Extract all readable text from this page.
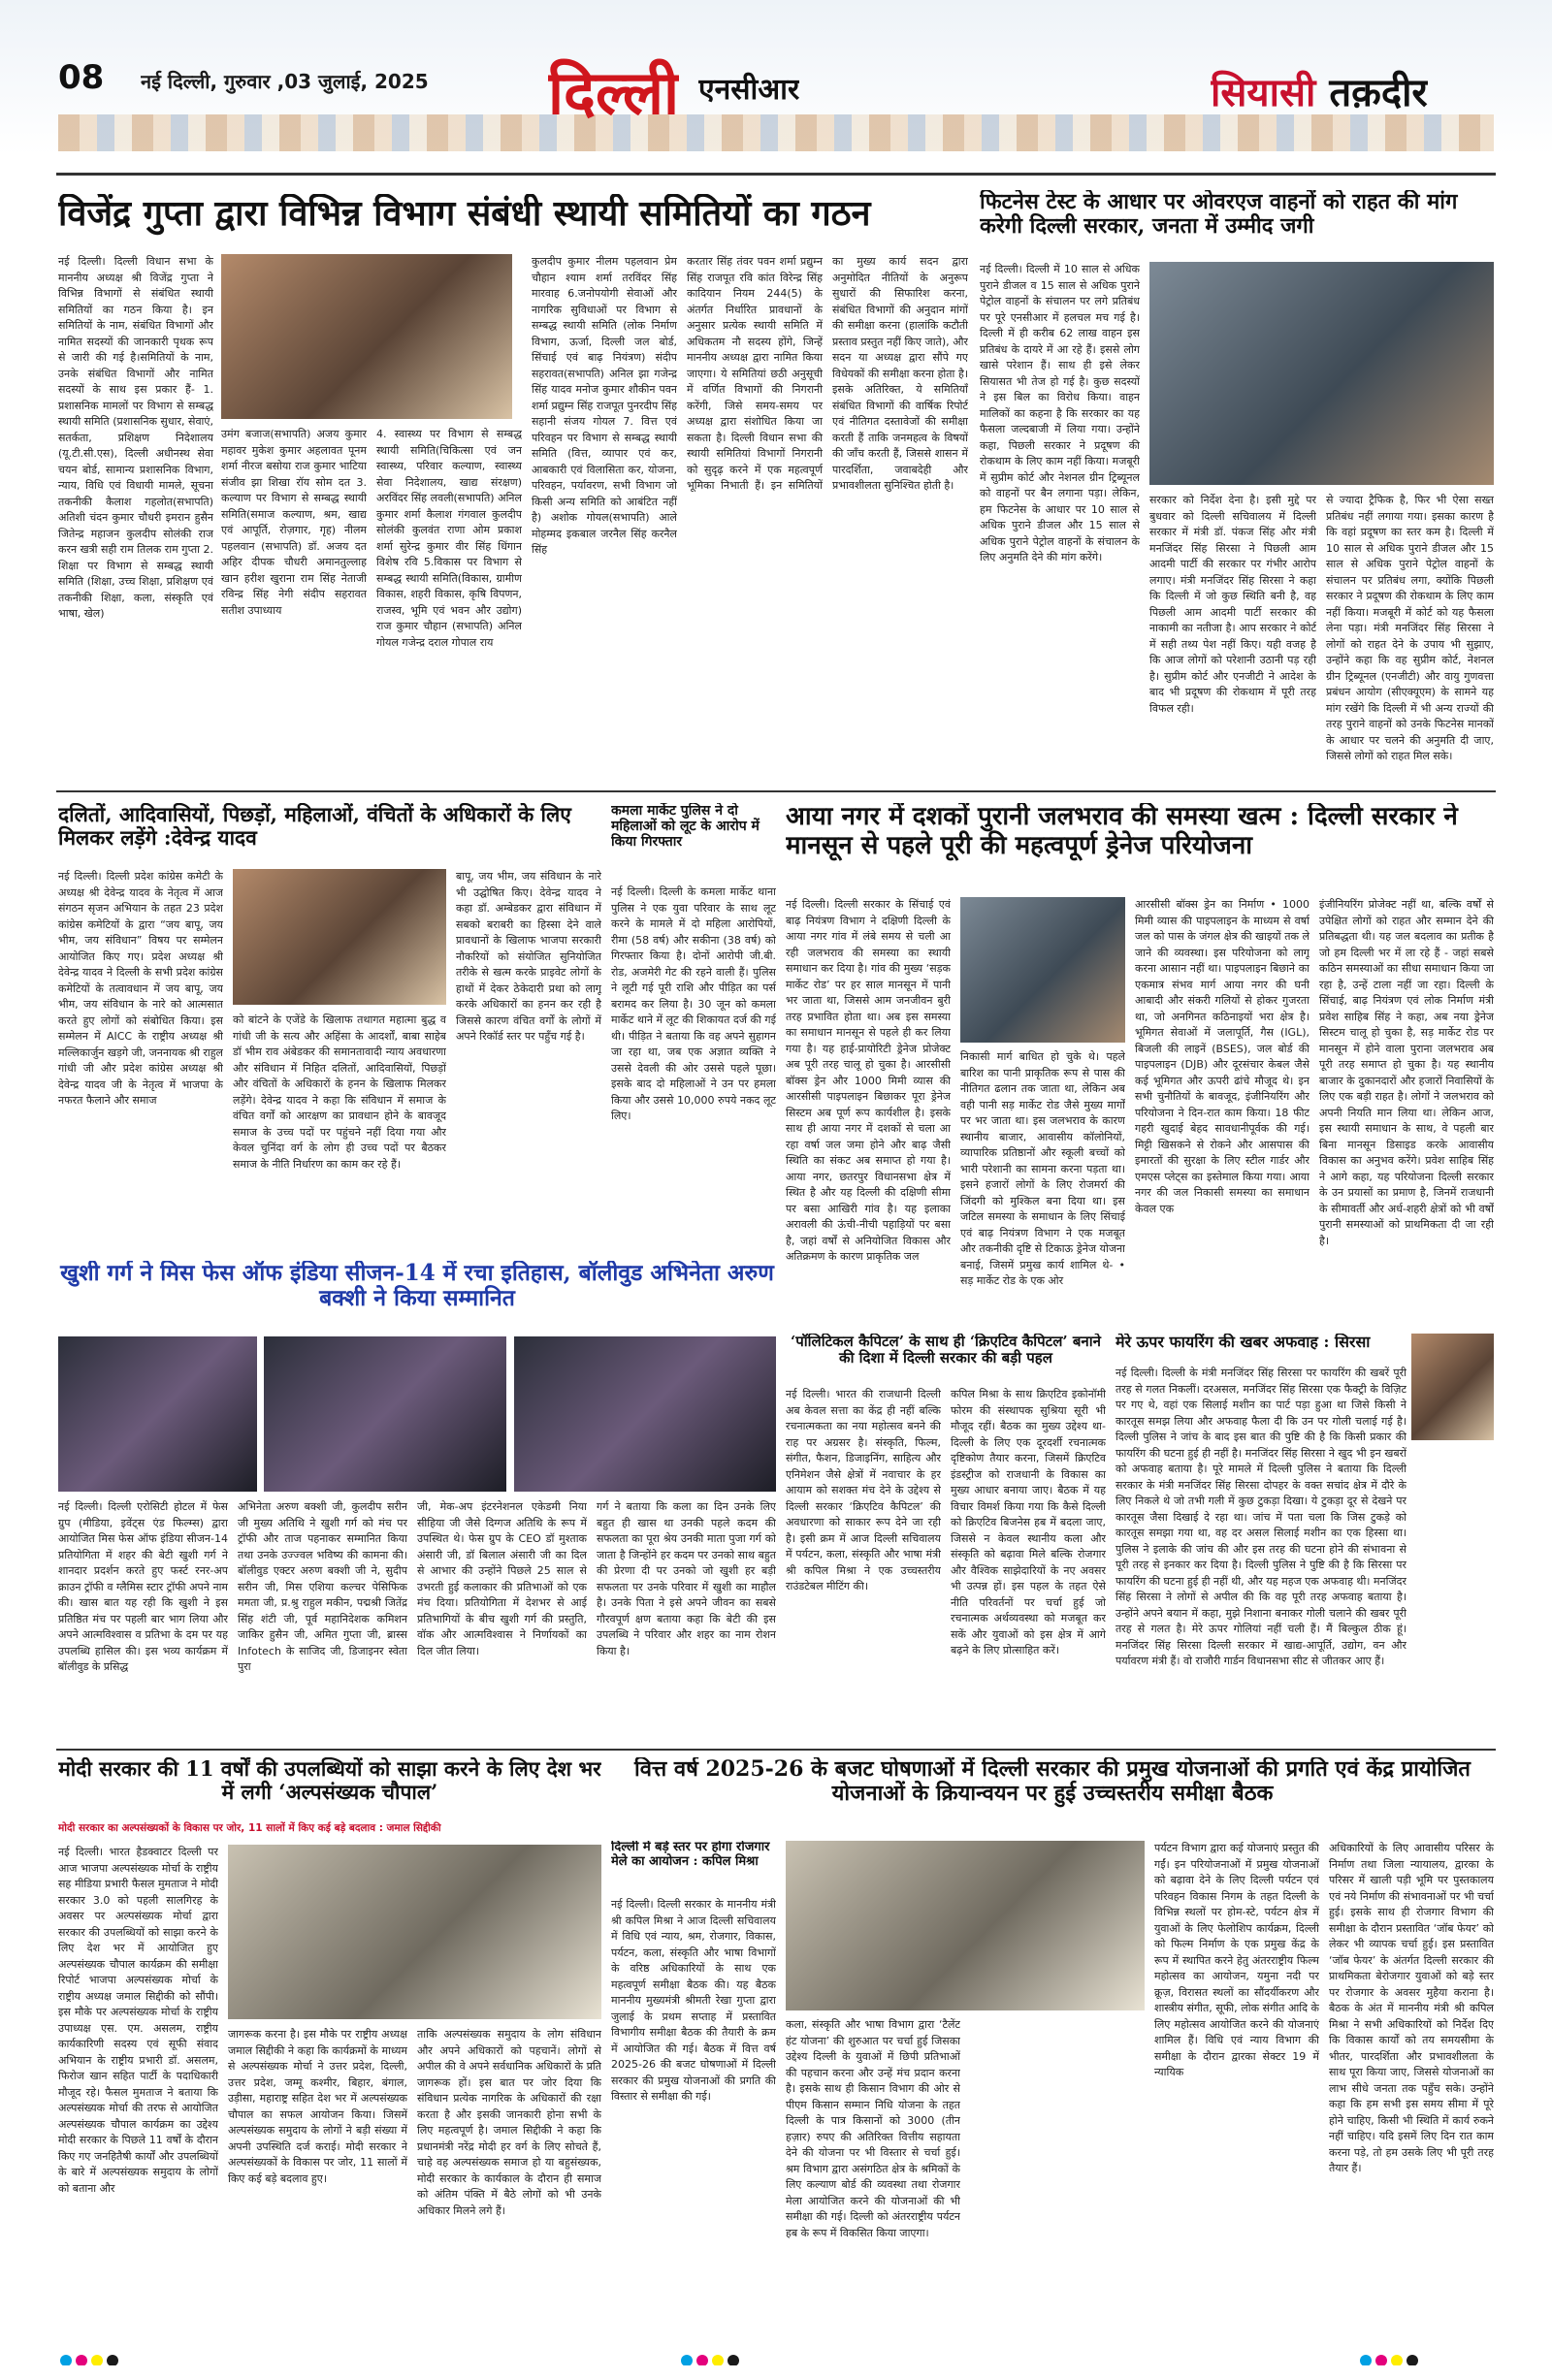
08 नई दिल्ली, गुरुवार ,03 जुलाई, 2025 दिल्ली एनसीआर	सियासी तक़दीर
विजेंद्र गुप्ता द्वारा विभिन्न विभाग संबंधी स्थायी समितियों का गठन
नई दिल्ली। दिल्ली विधान सभा के माननीय अध्यक्ष श्री विजेंद्र गुप्ता ने विभिन्न विभागों से संबंधित स्थायी समितियों का गठन किया है। इन समितियों के नाम, संबंधित विभागों और नामित सदस्यों की जानकारी पृथक रूप से जारी की गई है।समितियों के नाम, उनके संबंधित विभागों और नामित सदस्यों के साथ इस प्रकार हैं- 1. प्रशासनिक मामलों पर विभाग से सम्बद्ध स्थायी समिति (प्रशासनिक सुधार, सेवाएं, सतर्कता, प्रशिक्षण निदेशालय (यू.टी.सी.एस), दिल्ली अधीनस्थ सेवा चयन बोर्ड, सामान्य प्रशासनिक विभाग, न्याय, विधि एवं विधायी मामले, सूचना तकनीकी कैलाश गहलोत(सभापति) अतिशी चंदन कुमार चौधरी इमरान हुसैन जितेन्द्र महाजन कुलदीप सोलंकी राज करन खत्री सही राम तिलक राम गुप्ता 2. शिक्षा पर विभाग से सम्बद्ध स्थायी समिति (शिक्षा, उच्च शिक्षा, प्रशिक्षण एवं तकनीकी शिक्षा, कला, संस्कृति एवं भाषा, खेल)
उमंग बजाज(सभापति) अजय कुमार महावर मुकेश कुमार अहलावत पूनम शर्मा नीरज बसोया राज कुमार भाटिया संजीव झा शिखा रॉय सोम दत 3. कल्याण पर विभाग से सम्बद्ध स्थायी समिति(समाज कल्याण, श्रम, खाद्य एवं आपूर्ति, रोज़गार, गृह) नीलम पहलवान (सभापति) डॉ. अजय दत अहिर दीपक चौधरी अमानतुल्लाह खान हरीश खुराना राम सिंह नेताजी रविन्द्र सिंह नेगी संदीप सहरावत सतीश उपाध्याय
4. स्वास्थ्य पर विभाग से सम्बद्ध स्थायी समिति(चिकित्सा एवं जन स्वास्थ्य, परिवार कल्याण, स्वास्थ्य सेवा निदेशालय, खाद्य संरक्षण) अरविंदर सिंह लवली(सभापति) अनिल कुमार शर्मा कैलाश गंगवाल कुलदीप सोलंकी कुलवंत राणा ओम प्रकाश शर्मा सुरेन्द्र कुमार वीर सिंह धिंगान विशेष रवि 5.विकास पर विभाग से सम्बद्ध स्थायी समिति(विकास, ग्रामीण विकास, शहरी विकास, कृषि विपणन, राजस्व, भूमि एवं भवन और उद्योग) राज कुमार चौहान (सभापति) अनिल गोयल गजेन्द्र दराल गोपाल राय
कुलदीप कुमार नीलम पहलवान प्रेम चौहान श्याम शर्मा तरविंदर सिंह मारवाह 6.जनोपयोगी सेवाओं और नागरिक सुविधाओं पर विभाग से सम्बद्ध स्थायी समिति (लोक निर्माण विभाग, ऊर्जा, दिल्ली जल बोर्ड, सिंचाई एवं बाढ़ नियंत्रण) संदीप सहरावत(सभापति) अनिल झा गजेन्द्र सिंह यादव मनोज कुमार शौकीन पवन शर्मा प्रद्युम्न सिंह राजपूत पुनरदीप सिंह सहानी संजय गोयल 7. वित्त एवं परिवहन पर विभाग से सम्बद्ध स्थायी समिति (वित्त, व्यापार एवं कर, आबकारी एवं विलासिता कर, योजना, परिवहन, पर्यावरण, सभी विभाग जो किसी अन्य समिति को आबंटित नहीं है) अशोक गोयल(सभापति) आले मोहम्मद इकबाल जरनैल सिंह करनैल सिंह
करतार सिंह तंवर पवन शर्मा प्रद्युम्न सिंह राजपूत रवि कांत विरेन्द्र सिंह कादियान नियम 244(5) के अंतर्गत निर्धारित प्रावधानों के अनुसार प्रत्येक स्थायी समिति में अधिकतम नौ सदस्य होंगे, जिन्हें माननीय अध्यक्ष द्वारा नामित किया जाएगा। ये समितियां छठी अनुसूची में वर्णित विभागों की निगरानी करेंगी, जिसे समय-समय पर अध्यक्ष द्वारा संशोधित किया जा सकता है। दिल्ली विधान सभा की स्थायी समितियां विभागों निगरानी को सुदृढ़ करने में एक महत्वपूर्ण भूमिका निभाती हैं। इन समितियों का मुख्य कार्य सदन द्वारा अनुमोदित नीतियों के अनुरूप सुधारों की सिफारिश करना, संबंधित विभागों की अनुदान मांगों की समीक्षा करना (हालांकि कटौती प्रस्ताव प्रस्तुत नहीं किए जाते), और सदन या अध्यक्ष द्वारा सौंपे गए विधेयकों की समीक्षा करना होता है। इसके अतिरिक्त, ये समितियाँ संबंधित विभागों की वार्षिक रिपोर्ट एवं नीतिगत दस्तावेजों की समीक्षा करती हैं ताकि जनमहत्व के विषयों की जाँच करती हैं, जिससे शासन में पारदर्शिता, जवाबदेही और प्रभावशीलता सुनिश्चित होती है।
फिटनेस टेस्ट के आधार पर ओवरएज वाहनों को राहत की मांग करेगी दिल्ली सरकार, जनता में उम्मीद जगी
नई दिल्ली। दिल्ली में 10 साल से अधिक पुराने डीजल व 15 साल से अधिक पुराने पेट्रोल वाहनों के संचालन पर लगे प्रतिबंध पर पूरे एनसीआर में हलचल मच गई है। दिल्ली में ही करीब 62 लाख वाहन इस प्रतिबंध के दायरे में आ रहे हैं। इससे लोग खासे परेशान हैं। साथ ही इसे लेकर सियासत भी तेज हो गई है। कुछ सदस्यों ने इस बिल का विरोध किया। वाहन मालिकों का कहना है कि सरकार का यह फैसला जल्दबाजी में लिया गया। उन्होंने कहा, पिछली सरकार ने प्रदूषण की रोकथाम के लिए काम नहीं किया। मजबूरी में सुप्रीम कोर्ट और नेशनल ग्रीन ट्रिब्यूनल को वाहनों पर बैन लगाना पड़ा। लेकिन, हम फिटनेस के आधार पर 10 साल से अधिक पुराने डीजल और 15 साल से अधिक पुराने पेट्रोल वाहनों के संचालन के लिए अनुमति देने की मांग करेंगे।
सरकार को निर्देश देना है। इसी मुद्दे पर बुधवार को दिल्ली सचिवालय में दिल्ली सरकार में मंत्री डॉ. पंकज सिंह और मंत्री मनजिंदर सिंह सिरसा ने पिछली आम आदमी पार्टी की सरकार पर गंभीर आरोप लगाए। मंत्री मनजिंदर सिंह सिरसा ने कहा कि दिल्ली में जो कुछ स्थिति बनी है, वह पिछली आम आदमी पार्टी सरकार की नाकामी का नतीजा है। आप सरकार ने कोर्ट में सही तथ्य पेश नहीं किए। यही वजह है कि आज लोगों को परेशानी उठानी पड़ रही है। सुप्रीम कोर्ट और एनजीटी ने आदेश के बाद भी प्रदूषण की रोकथाम में पूरी तरह विफल रही।
से ज्यादा ट्रैफिक है, फिर भी ऐसा सख्त प्रतिबंध नहीं लगाया गया। इसका कारण है कि वहां प्रदूषण का स्तर कम है। दिल्ली में 10 साल से अधिक पुराने डीजल और 15 साल से अधिक पुराने पेट्रोल वाहनों के संचालन पर प्रतिबंध लगा, क्योंकि पिछली सरकार ने प्रदूषण की रोकथाम के लिए काम नहीं किया। मजबूरी में कोर्ट को यह फैसला लेना पड़ा। मंत्री मनजिंदर सिंह सिरसा ने लोगों को राहत देने के उपाय भी सुझाए, उन्होंने कहा कि वह सुप्रीम कोर्ट, नेशनल ग्रीन ट्रिब्यूनल (एनजीटी) और वायु गुणवत्ता प्रबंधन आयोग (सीएक्यूएम) के सामने यह मांग रखेंगे कि दिल्ली में भी अन्य राज्यों की तरह पुराने वाहनों को उनके फिटनेस मानकों के आधार पर चलने की अनुमति दी जाए, जिससे लोगों को राहत मिल सके।
दलितों, आदिवासियों, पिछड़ों, महिलाओं, वंचितों के अधिकारों के लिए मिलकर लड़ेंगे :देवेन्द्र यादव
नई दिल्ली। दिल्ली प्रदेश कांग्रेस कमेटी के अध्यक्ष श्री देवेन्द्र यादव के नेतृत्व में आज संगठन सृजन अभियान के तहत 23 प्रदेश कांग्रेस कमेटियों के द्वारा “जय बापू, जय भीम, जय संविधान” विषय पर सम्मेलन आयोजित किए गए। प्रदेश अध्यक्ष श्री देवेन्द्र यादव ने दिल्ली के सभी प्रदेश कांग्रेस कमेटियों के तत्वावधान में जय बापू, जय भीम, जय संविधान के नारे को आत्मसात करते हुए लोगों को संबोधित किया। इस सम्मेलन में AICC के राष्ट्रीय अध्यक्ष श्री मल्लिकार्जुन खड़गे जी, जननायक श्री राहुल गांधी जी और प्रदेश कांग्रेस अध्यक्ष श्री देवेन्द्र यादव जी के नेतृत्व में भाजपा के नफरत फैलाने और समाज
को बांटने के एजेंडे के खिलाफ तथागत महात्मा बुद्ध व गांधी जी के सत्य और अहिंसा के आदर्शों, बाबा साहेब डॉ भीम राव अंबेडकर की समानतावादी न्याय अवधारणा और संविधान में निहित दलितों, आदिवासियों, पिछड़ों और वंचितों के अधिकारों के हनन के खिलाफ मिलकर लड़ेंगे। देवेन्द्र यादव ने कहा कि संविधान में समाज के वंचित वर्गों को आरक्षण का प्रावधान होने के बावजूद समाज के उच्च पदों पर पहुंचने नहीं दिया गया और केवल चुनिंदा वर्ग के लोग ही उच्च पदों पर बैठकर समाज के नीति निर्धारण का काम कर रहे हैं।
बापू, जय भीम, जय संविधान के नारे भी उद्घोषित किए। देवेन्द्र यादव ने कहा डॉ. अम्बेडकर द्वारा संविधान में सबको बराबरी का हिस्सा देने वाले प्रावधानों के खिलाफ भाजपा सरकारी नौकरियों को संयोजित सुनियोजित तरीके से खत्म करके प्राइवेट लोगों के हाथों में देकर ठेकेदारी प्रथा को लागू करके अधिकारों का हनन कर रही है जिससे कारण वंचित वर्गों के लोगों में अपने रिकॉर्ड स्तर पर पहुँच गई है।
कमला मार्केट पुलिस ने दो महिलाओं को लूट के आरोप में किया गिरफ्तार
नई दिल्ली। दिल्ली के कमला मार्केट थाना पुलिस ने एक युवा परिवार के साथ लूट करने के मामले में दो महिला आरोपियों, रीमा (58 वर्ष) और सकीना (38 वर्ष) को गिरफ्तार किया है। दोनों आरोपी जी.बी. रोड, अजमेरी गेट की रहने वाली हैं। पुलिस ने लूटी गई पूरी राशि और पीड़ित का पर्स बरामद कर लिया है। 30 जून को कमला मार्केट थाने में लूट की शिकायत दर्ज की गई थी। पीड़ित ने बताया कि वह अपने सुहागन जा रहा था, जब एक अज्ञात व्यक्ति ने उससे देवली की ओर उससे पहले पूछा। इसके बाद दो महिलाओं ने उन पर हमला किया और उससे 10,000 रुपये नकद लूट लिए।
आया नगर में दशकों पुरानी जलभराव की समस्या खत्म : दिल्ली सरकार ने मानसून से पहले पूरी की महत्वपूर्ण ड्रेनेज परियोजना
नई दिल्ली। दिल्ली सरकार के सिंचाई एवं बाढ़ नियंत्रण विभाग ने दक्षिणी दिल्ली के आया नगर गांव में लंबे समय से चली आ रही जलभराव की समस्या का स्थायी समाधान कर दिया है। गांव की मुख्य ‘सड़क मार्केट रोड’ पर हर साल मानसून में पानी भर जाता था, जिससे आम जनजीवन बुरी तरह प्रभावित होता था। अब इस समस्या का समाधान मानसून से पहले ही कर लिया गया है। यह हाई-प्रायोरिटी ड्रेनेज प्रोजेक्ट अब पूरी तरह चालू हो चुका है। आरसीसी बॉक्स ड्रेन और 1000 मिमी व्यास की आरसीसी पाइपलाइन बिछाकर पूरा ड्रेनेज सिस्टम अब पूर्ण रूप कार्यशील है। इसके साथ ही आया नगर में दशकों से चला आ रहा वर्षा जल जमा होने और बाढ़ जैसी स्थिति का संकट अब समाप्त हो गया है। आया नगर, छतरपुर विधानसभा क्षेत्र में स्थित है और यह दिल्ली की दक्षिणी सीमा पर बसा आखिरी गांव है। यह इलाका अरावली की ऊंची-नीची पहाड़ियों पर बसा है, जहां वर्षों से अनियोजित विकास और अतिक्रमण के कारण प्राकृतिक जल
निकासी मार्ग बाधित हो चुके थे। पहले बारिश का पानी प्राकृतिक रूप से पास की नीतिगत ढलान तक जाता था, लेकिन अब वही पानी सड़ मार्केट रोड जैसे मुख्य मार्गों पर भर जाता था। इस जलभराव के कारण स्थानीय बाजार, आवासीय कॉलोनियों, व्यापारिक प्रतिष्ठानों और स्कूली बच्चों को भारी परेशानी का सामना करना पड़ता था। इसने हजारों लोगों के लिए रोजमर्रा की जिंदगी को मुश्किल बना दिया था। इस जटिल समस्या के समाधान के लिए सिंचाई एवं बाढ़ नियंत्रण विभाग ने एक मजबूत और तकनीकी दृष्टि से टिकाऊ ड्रेनेज योजना बनाई, जिसमें प्रमुख कार्य शामिल थे- • सड़ मार्केट रोड के एक ओर
आरसीसी बॉक्स ड्रेन का निर्माण • 1000 मिमी व्यास की पाइपलाइन के माध्यम से वर्षा जल को पास के जंगल क्षेत्र की खाइयों तक ले जाने की व्यवस्था। इस परियोजना को लागू करना आसान नहीं था। पाइपलाइन बिछाने का एकमात्र संभव मार्ग आया नगर की घनी आबादी और संकरी गलियों से होकर गुजरता था, जो अनगिनत कठिनाइयों भरा क्षेत्र है। भूमिगत सेवाओं में जलापूर्ति, गैस (IGL), बिजली की लाइनें (BSES), जल बोर्ड की पाइपलाइन (DJB) और दूरसंचार केबल जैसे कई भूमिगत और ऊपरी ढांचे मौजूद थे। इन सभी चुनौतियों के बावजूद, इंजीनियरिंग और परियोजना ने दिन-रात काम किया। 18 फीट गहरी खुदाई बेहद सावधानीपूर्वक की गई। मिट्टी खिसकने से रोकने और आसपास की इमारतों की सुरक्षा के लिए स्टील गार्डर और एमएस प्लेट्स का इस्तेमाल किया गया। आया नगर की जल निकासी समस्या का समाधान केवल एक
इंजीनियरिंग प्रोजेक्ट नहीं था, बल्कि वर्षों से उपेक्षित लोगों को राहत और सम्मान देने की प्रतिबद्धता थी। यह जल बदलाव का प्रतीक है जो हम दिल्ली भर में ला रहे हैं - जहां सबसे कठिन समस्याओं का सीधा समाधान किया जा रहा है, उन्हें टाला नहीं जा रहा। दिल्ली के सिंचाई, बाढ़ नियंत्रण एवं लोक निर्माण मंत्री प्रवेश साहिब सिंह ने कहा, अब नया ड्रेनेज सिस्टम चालू हो चुका है, सड़ मार्केट रोड पर मानसून में होने वाला पुराना जलभराव अब पूरी तरह समाप्त हो चुका है। यह स्थानीय बाजार के दुकानदारों और हजारों निवासियों के लिए एक बड़ी राहत है। लोगों ने जलभराव को अपनी नियति मान लिया था। लेकिन आज, इस स्थायी समाधान के साथ, वे पहली बार बिना मानसून डिसाइड करके आवासीय विकास का अनुभव करेंगे। प्रवेश साहिब सिंह ने आगे कहा, यह परियोजना दिल्ली सरकार के उन प्रयासों का प्रमाण है, जिनमें राजधानी के सीमावर्ती और अर्ध-शहरी क्षेत्रों को भी वर्षों पुरानी समस्याओं को प्राथमिकता दी जा रही है।
खुशी गर्ग ने मिस फेस ऑफ इंडिया सीजन-14 में रचा इतिहास, बॉलीवुड अभिनेता अरुण बक्शी ने किया सम्मानित
नई दिल्ली। दिल्ली एरोसिटी होटल में फेस ग्रुप (मीडिया, इवेंट्स एंड फिल्म्स) द्वारा आयोजित मिस फेस ऑफ इंडिया सीजन-14 प्रतियोगिता में शहर की बेटी खुशी गर्ग ने शानदार प्रदर्शन करते हुए फर्स्ट रनर-अप क्राउन ट्रॉफी व ग्लैमिस स्टार ट्रॉफी अपने नाम की। खास बात यह रही कि खुशी ने इस प्रतिष्ठित मंच पर पहली बार भाग लिया और अपने आत्मविश्वास व प्रतिभा के दम पर यह उपलब्धि हासिल की। इस भव्य कार्यक्रम में बॉलीवुड के प्रसिद्ध
अभिनेता अरुण बक्शी जी, कुलदीप सरीन जी मुख्य अतिथि ने खुशी गर्ग को मंच पर ट्रॉफी और ताज पहनाकर सम्मानित किया तथा उनके उज्ज्वल भविष्य की कामना की। बॉलीवुड एक्टर अरुण बक्शी जी ने, सुदीप सरीन जी, मिस एशिया कल्चर पेसिफिक ममता जी, प्र.श्रु राहुल मकीन, पद्मश्री जितेंद्र सिंह शंटी जी, पूर्व महानिदेशक कमिशन जाकिर हुसैन जी, अमित गुप्ता जी, ब्रास्स Infotech के साजिद जी, डिजाइनर स्वेता पुरा
जी, मेक-अप इंटरनेशनल एकेडमी निया सीहिया जी जैसे दिग्गज अतिथि के रूप में उपस्थित थे। फेस ग्रुप के CEO डॉ मुश्ताक अंसारी जी, डॉ बिलाल अंसारी जी का दिल से आभार की उन्होंने पिछले 25 साल से उभरती हुई कलाकार की प्रतिभाओं को एक मंच दिया। प्रतियोगिता में देशभर से आई प्रतिभागियों के बीच खुशी गर्ग की प्रस्तुति, वॉक और आत्मविश्वास ने निर्णायकों का दिल जीत लिया।
गर्ग ने बताया कि कला का दिन उनके लिए बहुत ही खास था उनकी पहले कदम की सफलता का पूरा श्रेय उनकी माता पुजा गर्ग को जाता है जिन्होंने हर कदम पर उनको साथ बहुत की प्रेरणा दी पर उनको जो खुशी हर बड़ी सफलता पर उनके परिवार में खुशी का माहौल है। उनके पिता ने इसे अपने जीवन का सबसे गौरवपूर्ण क्षण बताया कहा कि बेटी की इस उपलब्धि ने परिवार और शहर का नाम रोशन किया है।
‘पॉलिटिकल कैपिटल’ के साथ ही ‘क्रिएटिव कैपिटल’ बनाने की दिशा में दिल्ली सरकार की बड़ी पहल
नई दिल्ली। भारत की राजधानी दिल्ली अब केवल सत्ता का केंद्र ही नहीं बल्कि रचनात्मकता का नया महोत्सव बनने की राह पर अग्रसर है। संस्कृति, फिल्म, संगीत, फैशन, डिजाइनिंग, साहित्य और एनिमेशन जैसे क्षेत्रों में नवाचार के हर आयाम को सशक्त मंच देने के उद्देश्य से दिल्ली सरकार ‘क्रिएटिव कैपिटल’ की अवधारणा को साकार रूप देने जा रही है। इसी क्रम में आज दिल्ली सचिवालय में पर्यटन, कला, संस्कृति और भाषा मंत्री श्री कपिल मिश्रा ने एक उच्चस्तरीय राउंडटेबल मीटिंग की।
कपिल मिश्रा के साथ क्रिएटिव इकोनॉमी फोरम की संस्थापक सुश्रिया सूरी भी मौजूद रहीं। बैठक का मुख्य उद्देश्य था-दिल्ली के लिए एक दूरदर्शी रचनात्मक दृष्टिकोण तैयार करना, जिसमें क्रिएटिव इंडस्ट्रीज को राजधानी के विकास का मुख्य आधार बनाया जाए। बैठक में यह विचार विमर्श किया गया कि कैसे दिल्ली को क्रिएटिव बिजनेस हब में बदला जाए, जिससे न केवल स्थानीय कला और संस्कृति को बढ़ावा मिले बल्कि रोजगार और वैश्विक साझेदारियों के नए अवसर भी उत्पन्न हों। इस पहल के तहत ऐसे नीति परिवर्तनों पर चर्चा हुई जो रचनात्मक अर्थव्यवस्था को मजबूत कर सकें और युवाओं को इस क्षेत्र में आगे बढ़ने के लिए प्रोत्साहित करें।
मेरे ऊपर फायरिंग की खबर अफवाह : सिरसा
नई दिल्ली। दिल्ली के मंत्री मनजिंदर सिंह सिरसा पर फायरिंग की खबरें पूरी तरह से गलत निकलीं। दरअसल, मनजिंदर सिंह सिरसा एक फैक्ट्री के विज़िट पर गए थे, वहां एक सिलाई मशीन का पार्ट पड़ा हुआ था जिसे किसी ने कारतूस समझ लिया और अफवाह फैला दी कि उन पर गोली चलाई गई है। दिल्ली पुलिस ने जांच के बाद इस बात की पुष्टि की है कि किसी प्रकार की फायरिंग की घटना हुई ही नहीं है। मनजिंदर सिंह सिरसा ने खुद भी इन खबरों को अफवाह बताया है। पूरे मामले में दिल्ली पुलिस ने बताया कि दिल्ली सरकार के मंत्री मनजिंदर सिंह सिरसा दोपहर के वक्त सचांद क्षेत्र में दौरे के लिए निकले थे जो तभी गली में कुछ टुकड़ा दिखा। ये टुकड़ा दूर से देखने पर कारतूस जैसा दिखाई दे रहा था। जांच में पता चला कि जिस टुकड़े को कारतूस समझा गया था, वह दर असल सिलाई मशीन का एक हिस्सा था। पुलिस ने इलाके की जांच की और इस तरह की घटना होने की संभावना से पूरी तरह से इनकार कर दिया है। दिल्ली पुलिस ने पुष्टि की है कि सिरसा पर फायरिंग की घटना हुई ही नहीं थी, और यह महज एक अफवाह थी। मनजिंदर सिंह सिरसा ने लोगों से अपील की कि वह पूरी तरह अफवाह बताया है। उन्होंने अपने बयान में कहा, मुझे निशाना बनाकर गोली चलाने की खबर पूरी तरह से गलत है। मेरे ऊपर गोलियां नहीं चली हैं। मैं बिल्कुल ठीक हूं। मनजिंदर सिंह सिरसा दिल्ली सरकार में खाद्य-आपूर्ति, उद्योग, वन और पर्यावरण मंत्री हैं। वो राजौरी गार्डन विधानसभा सीट से जीतकर आए हैं।
मोदी सरकार की 11 वर्षों की उपलब्धियों को साझा करने के लिए देश भर में लगी ‘अल्पसंख्यक चौपाल’
मोदी सरकार का अल्पसंख्यकों के विकास पर जोर, 11 सालों में किए कई बड़े बदलाव : जमाल सिद्दीकी
नई दिल्ली। भारत हैडक्वाटर दिल्ली पर आज भाजपा अल्पसंख्यक मोर्चा के राष्ट्रीय सह मीडिया प्रभारी फैसल मुमताज ने मोदी सरकार 3.0 को पहली सालगिरह के अवसर पर अल्पसंख्यक मोर्चा द्वारा सरकार की उपलब्धियों को साझा करने के लिए देश भर में आयोजित हुए अल्पसंख्यक चौपाल कार्यक्रम की समीक्षा रिपोर्ट भाजपा अल्पसंख्यक मोर्चा के राष्ट्रीय अध्यक्ष जमाल सिद्दीकी को सौंपी। इस मौके पर अल्पसंख्यक मोर्चा के राष्ट्रीय उपाध्यक्ष एस. एम. असलम, राष्ट्रीय कार्यकारिणी सदस्य एवं सूफी संवाद अभियान के राष्ट्रीय प्रभारी डॉ. असलम, फिरोज खान सहित पार्टी के पदाधिकारी मौजूद रहे। फैसल मुमताज ने बताया कि अल्पसंख्यक मोर्चा की तरफ से आयोजित अल्पसंख्यक चौपाल कार्यक्रम का उद्देश्य मोदी सरकार के पिछले 11 वर्षों के दौरान किए गए जनहितैषी कार्यों और उपलब्धियों के बारे में अल्पसंख्यक समुदाय के लोगों को बताना और
जागरूक करना है। इस मौके पर राष्ट्रीय अध्यक्ष जमाल सिद्दीकी ने कहा कि कार्यक्रमों के माध्यम से अल्पसंख्यक मोर्चा ने उत्तर प्रदेश, दिल्ली, उत्तर प्रदेश, जम्मू कश्मीर, बिहार, बंगाल, उड़ीसा, महाराष्ट्र सहित देश भर में अल्पसंख्यक चौपाल का सफल आयोजन किया। जिसमें अल्पसंख्यक समुदाय के लोगों ने बड़ी संख्या में अपनी उपस्थिति दर्ज कराई। मोदी सरकार ने अल्पसंख्यकों के विकास पर जोर, 11 सालों में किए कई बड़े बदलाव हुए।
ताकि अल्पसंख्यक समुदाय के लोग संविधान और अपने अधिकारों को पहचानें। लोगों से अपील की वे अपने सर्वधानिक अधिकारों के प्रति जागरूक हों। इस बात पर जोर दिया कि संविधान प्रत्येक नागरिक के अधिकारों की रक्षा करता है और इसकी जानकारी होना सभी के लिए महत्वपूर्ण है। जमाल सिद्दीकी ने कहा कि प्रधानमंत्री नरेंद्र मोदी हर वर्ग के लिए सोचते हैं, चाहे वह अल्पसंख्यक समाज हो या बहुसंख्यक, मोदी सरकार के कार्यकाल के दौरान ही समाज को अंतिम पंक्ति में बैठे लोगों को भी उनके अधिकार मिलने लगे हैं।
वित्त वर्ष 2025-26 के बजट घोषणाओं में दिल्ली सरकार की प्रमुख योजनाओं की प्रगति एवं केंद्र प्रायोजित योजनाओं के क्रियान्वयन पर हुई उच्चस्तरीय समीक्षा बैठक
दिल्ली में बड़े स्तर पर होगा रोजगार मेले का आयोजन : कपिल मिश्रा
नई दिल्ली। दिल्ली सरकार के माननीय मंत्री श्री कपिल मिश्रा ने आज दिल्ली सचिवालय में विधि एवं न्याय, श्रम, रोजगार, विकास, पर्यटन, कला, संस्कृति और भाषा विभागों के वरिष्ठ अधिकारियों के साथ एक महत्वपूर्ण समीक्षा बैठक की। यह बैठक माननीय मुख्यमंत्री श्रीमती रेखा गुप्ता द्वारा जुलाई के प्रथम सप्ताह में प्रस्तावित विभागीय समीक्षा बैठक की तैयारी के क्रम में आयोजित की गई। बैठक में वित्त वर्ष 2025-26 की बजट घोषणाओं में दिल्ली सरकार की प्रमुख योजनाओं की प्रगति की विस्तार से समीक्षा की गई।
कला, संस्कृति और भाषा विभाग द्वारा ‘टैलेंट हंट योजना’ की शुरुआत पर चर्चा हुई जिसका उद्देश्य दिल्ली के युवाओं में छिपी प्रतिभाओं की पहचान करना और उन्हें मंच प्रदान करना है। इसके साथ ही किसान विभाग की ओर से पीएम किसान सम्मान निधि योजना के तहत दिल्ली के पात्र किसानों को 3000 (तीन हज़ार) रुपए की अतिरिक्त वित्तीय सहायता देने की योजना पर भी विस्तार से चर्चा हुई। श्रम विभाग द्वारा असंगठित क्षेत्र के श्रमिकों के लिए कल्याण बोर्ड की व्यवस्था तथा रोजगार मेला आयोजित करने की योजनाओं की भी समीक्षा की गई। दिल्ली को अंतरराष्ट्रीय पर्यटन हब के रूप में विकसित किया जाएगा।
पर्यटन विभाग द्वारा कई योजनाएं प्रस्तुत की गईं। इन परियोजनाओं में प्रमुख योजनाओं को बढ़ावा देने के लिए दिल्ली पर्यटन एवं परिवहन विकास निगम के तहत दिल्ली के विभिन्न स्थलों पर होम-स्टे, पर्यटन क्षेत्र में युवाओं के लिए फेलोशिप कार्यक्रम, दिल्ली को फिल्म निर्माण के एक प्रमुख केंद्र के रूप में स्थापित करने हेतु अंतरराष्ट्रीय फिल्म महोत्सव का आयोजन, यमुना नदी पर क्रूज़, विरासत स्थलों का सौंदर्यीकरण और शास्त्रीय संगीत, सूफी, लोक संगीत आदि के लिए महोत्सव आयोजित करने की योजनाएं शामिल हैं। विधि एवं न्याय विभाग की समीक्षा के दौरान द्वारका सेक्टर 19 में न्यायिक
अधिकारियों के लिए आवासीय परिसर के निर्माण तथा जिला न्यायालय, द्वारका के परिसर में खाली पड़ी भूमि पर पुस्तकालय एवं नये निर्माण की संभावनाओं पर भी चर्चा हुई। इसके साथ ही रोजगार विभाग की समीक्षा के दौरान प्रस्तावित ‘जॉब फेयर’ को लेकर भी व्यापक चर्चा हुई। इस प्रस्तावित ‘जॉब फेयर’ के अंतर्गत दिल्ली सरकार की प्राथमिकता बेरोजगार युवाओं को बड़े स्तर पर रोजगार के अवसर मुहैया कराना है। बैठक के अंत में माननीय मंत्री श्री कपिल मिश्रा ने सभी अधिकारियों को निर्देश दिए कि विकास कार्यों को तय समयसीमा के भीतर, पारदर्शिता और प्रभावशीलता के साथ पूरा किया जाए, जिससे योजनाओं का लाभ सीधे जनता तक पहुँच सके। उन्होंने कहा कि हम सभी इस समय सीमा में पूरे होने चाहिए, किसी भी स्थिति में कार्य रुकने नहीं चाहिए। यदि इसमें लिए दिन रात काम करना पड़े, तो हम उसके लिए भी पूरी तरह तैयार हैं।
